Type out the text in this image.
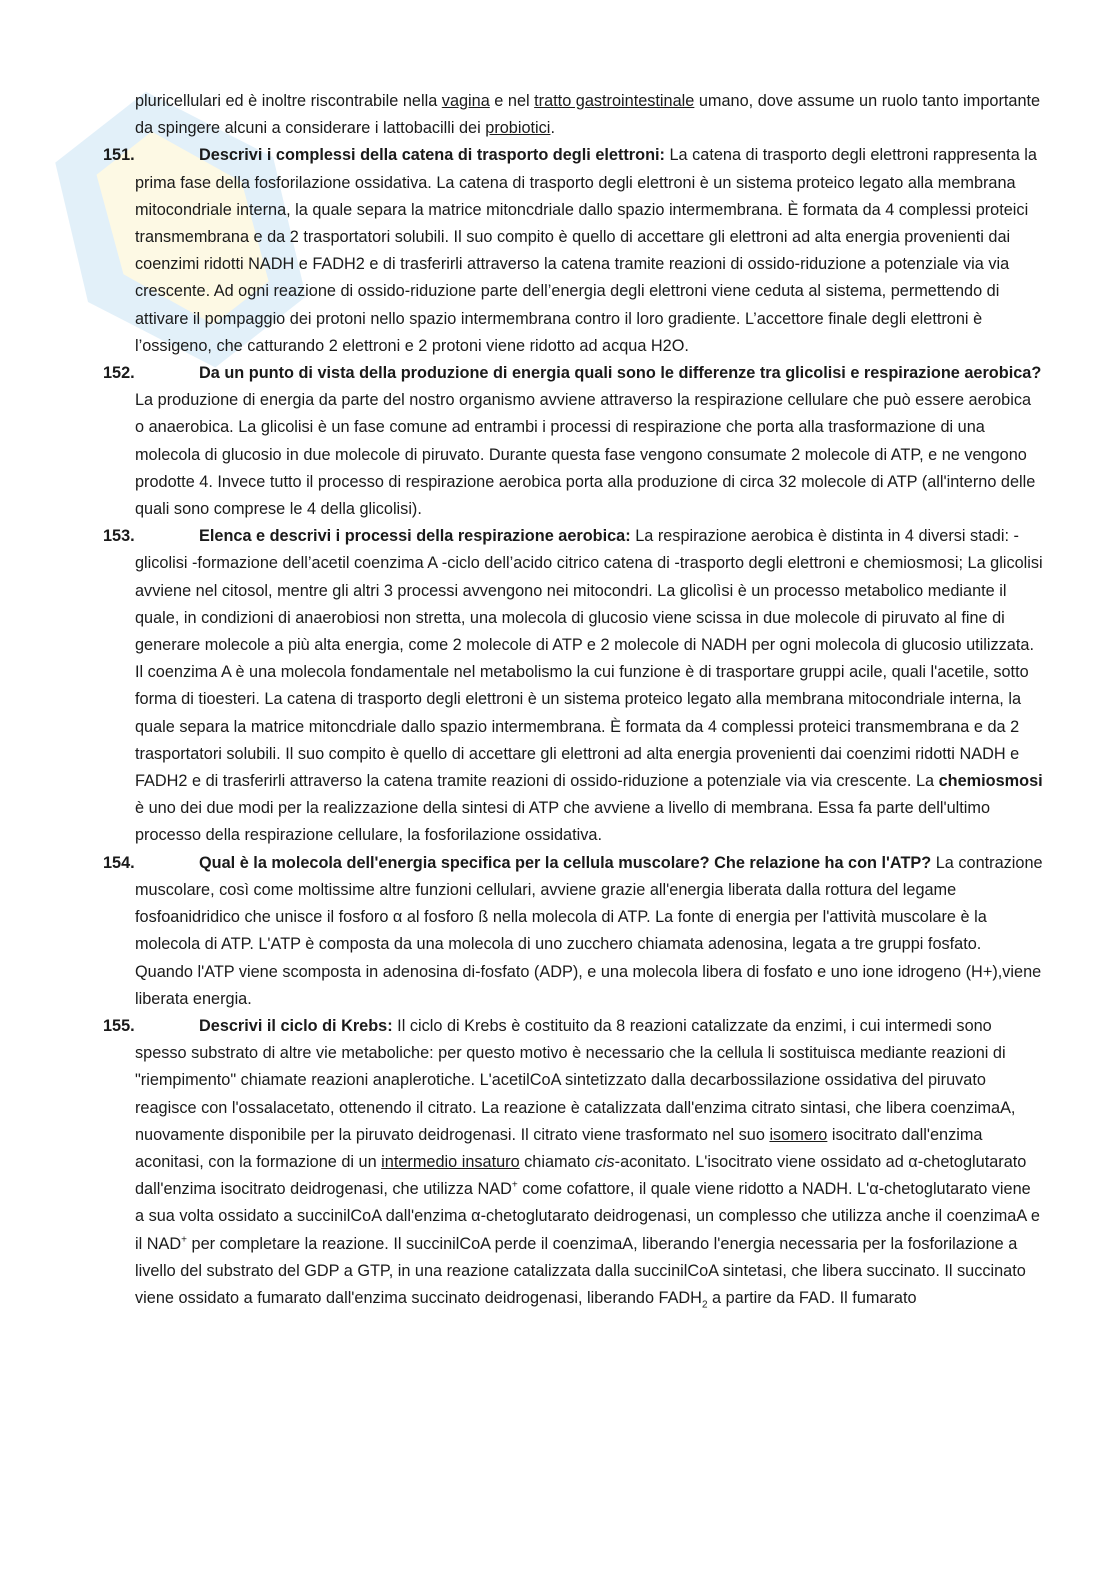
pluricellulari ed è inoltre riscontrabile nella vagina e nel tratto gastrointestinale umano, dove assume un ruolo tanto importante da spingere alcuni a considerare i lattobacilli dei probiotici.

151.	Descrivi i complessi della catena di trasporto degli elettroni: La catena di trasporto degli elettroni rappresenta la prima fase della fosforilazione ossidativa. La catena di trasporto degli elettroni è un sistema proteico legato alla membrana mitocondriale interna, la quale separa la matrice mitoncdriale dallo spazio intermembrana. È formata da 4 complessi proteici transmembrana e da 2 trasportatori solubili. Il suo compito è quello di accettare gli elettroni ad alta energia provenienti dai coenzimi ridotti NADH e FADH2 e di trasferirli attraverso la catena tramite reazioni di ossido-riduzione a potenziale via via crescente. Ad ogni reazione di ossido-riduzione parte dell’energia degli elettroni viene ceduta al sistema, permettendo di attivare il pompaggio dei protoni nello spazio intermembrana contro il loro gradiente. L’accettore finale degli elettroni è l’ossigeno, che catturando 2 elettroni e 2 protoni viene ridotto ad acqua H2O.

152.	Da un punto di vista della produzione di energia quali sono le differenze tra glicolisi e respirazione aerobica? La produzione di energia da parte del nostro organismo avviene attraverso la respirazione cellulare che può essere aerobica o anaerobica. La glicolisi è un fase comune ad entrambi i processi di respirazione che porta alla trasformazione di una molecola di glucosio in due molecole di piruvato. Durante questa fase vengono consumate 2 molecole di ATP, e ne vengono prodotte 4. Invece tutto il processo di respirazione aerobica porta alla produzione di circa 32 molecole di ATP (all'interno delle quali sono comprese le 4 della glicolisi).

153.	Elenca e descrivi i processi della respirazione aerobica: La respirazione aerobica è distinta in 4 diversi stadi: -glicolisi -formazione dell’acetil coenzima A -ciclo dell’acido citrico catena di -trasporto degli elettroni e chemiosmosi; La glicolisi avviene nel citosol, mentre gli altri 3 processi avvengono nei mitocondri. La glicolìsi è un processo metabolico mediante il quale, in condizioni di anaerobiosi non stretta, una molecola di glucosio viene scissa in due molecole di piruvato al fine di generare molecole a più alta energia, come 2 molecole di ATP e 2 molecole di NADH per ogni molecola di glucosio utilizzata. Il coenzima A è una molecola fondamentale nel metabolismo la cui funzione è di trasportare gruppi acile, quali l'acetile, sotto forma di tioesteri. La catena di trasporto degli elettroni è un sistema proteico legato alla membrana mitocondriale interna, la quale separa la matrice mitoncdriale dallo spazio intermembrana. È formata da 4 complessi proteici transmembrana e da 2 trasportatori solubili. Il suo compito è quello di accettare gli elettroni ad alta energia provenienti dai coenzimi ridotti NADH e FADH2 e di trasferirli attraverso la catena tramite reazioni di ossido-riduzione a potenziale via via crescente. La chemiosmosi è uno dei due modi per la realizzazione della sintesi di ATP che avviene a livello di membrana. Essa fa parte dell'ultimo processo della respirazione cellulare, la fosforilazione ossidativa.

154.	Qual è la molecola dell'energia specifica per la cellula muscolare? Che relazione ha con l'ATP? La contrazione muscolare, così come moltissime altre funzioni cellulari, avviene grazie all'energia liberata dalla rottura del legame fosfoanidridico che unisce il fosforo α al fosforo ß nella molecola di ATP. La fonte di energia per l'attività muscolare è la molecola di ATP. L'ATP è composta da una molecola di uno zucchero chiamata adenosina, legata a tre gruppi fosfato. Quando l'ATP viene scomposta in adenosina di-fosfato (ADP), e una molecola libera di fosfato e uno ione idrogeno (H+),viene liberata energia.

155.	Descrivi il ciclo di Krebs: Il ciclo di Krebs è costituito da 8 reazioni catalizzate da enzimi, i cui intermedi sono spesso substrato di altre vie metaboliche: per questo motivo è necessario che la cellula li sostituisca mediante reazioni di "riempimento" chiamate reazioni anaplerotiche. L'acetilCoA sintetizzato dalla decarbossilazione ossidativa del piruvato reagisce con l'ossalacetato, ottenendo il citrato. La reazione è catalizzata dall'enzima citrato sintasi, che libera coenzimaA, nuovamente disponibile per la piruvato deidrogenasi. Il citrato viene trasformato nel suo isomero isocitrato dall'enzima aconitasi, con la formazione di un intermedio insaturo chiamato cis-aconitato. L'isocitrato viene ossidato ad α-chetoglutarato dall'enzima isocitrato deidrogenasi, che utilizza NAD+ come cofattore, il quale viene ridotto a NADH. L'α-chetoglutarato viene a sua volta ossidato a succinilCoA dall'enzima α-chetoglutarato deidrogenasi, un complesso che utilizza anche il coenzimaA e il NAD+ per completare la reazione. Il succinilCoA perde il coenzimaA, liberando l'energia necessaria per la fosforilazione a livello del substrato del GDP a GTP, in una reazione catalizzata dalla succinilCoA sintetasi, che libera succinato. Il succinato viene ossidato a fumarato dall'enzima succinato deidrogenasi, liberando $FADH_2$ a partire da FAD. Il fumarato
